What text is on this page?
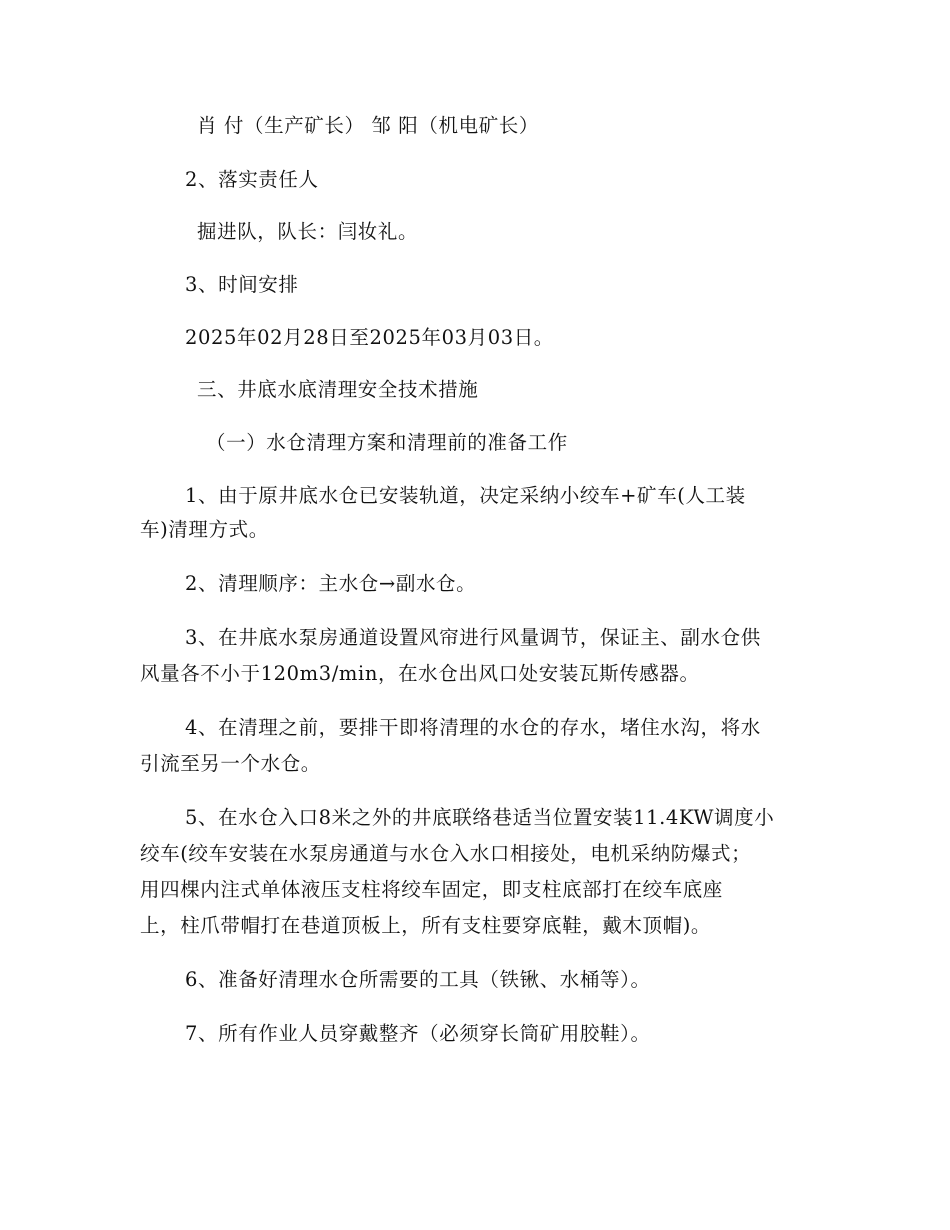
肖 付（生产矿长） 邹 阳（机电矿长）
2、落实责任人
掘进队，队长：闫妆礼。
3、时间安排
2025年02月28日至2025年03月03日。
三、井底水底清理安全技术措施
（一）水仓清理方案和清理前的准备工作
1、由于原井底水仓已安装轨道，决定采纳小绞车+矿车(人工装
车)清理方式。
2、清理顺序：主水仓→副水仓。
3、在井底水泵房通道设置风帘进行风量调节，保证主、副水仓供
风量各不小于120m3/min，在水仓出风口处安装瓦斯传感器。
4、在清理之前，要排干即将清理的水仓的存水，堵住水沟，将水
引流至另一个水仓。
5、在水仓入口8米之外的井底联络巷适当位置安装11.4KW调度小
绞车(绞车安装在水泵房通道与水仓入水口相接处，电机采纳防爆式；
用四棵内注式单体液压支柱将绞车固定，即支柱底部打在绞车底座
上，柱爪带帽打在巷道顶板上，所有支柱要穿底鞋，戴木顶帽)。
6、准备好清理水仓所需要的工具（铁锹、水桶等）。
7、所有作业人员穿戴整齐（必须穿长筒矿用胶鞋）。
